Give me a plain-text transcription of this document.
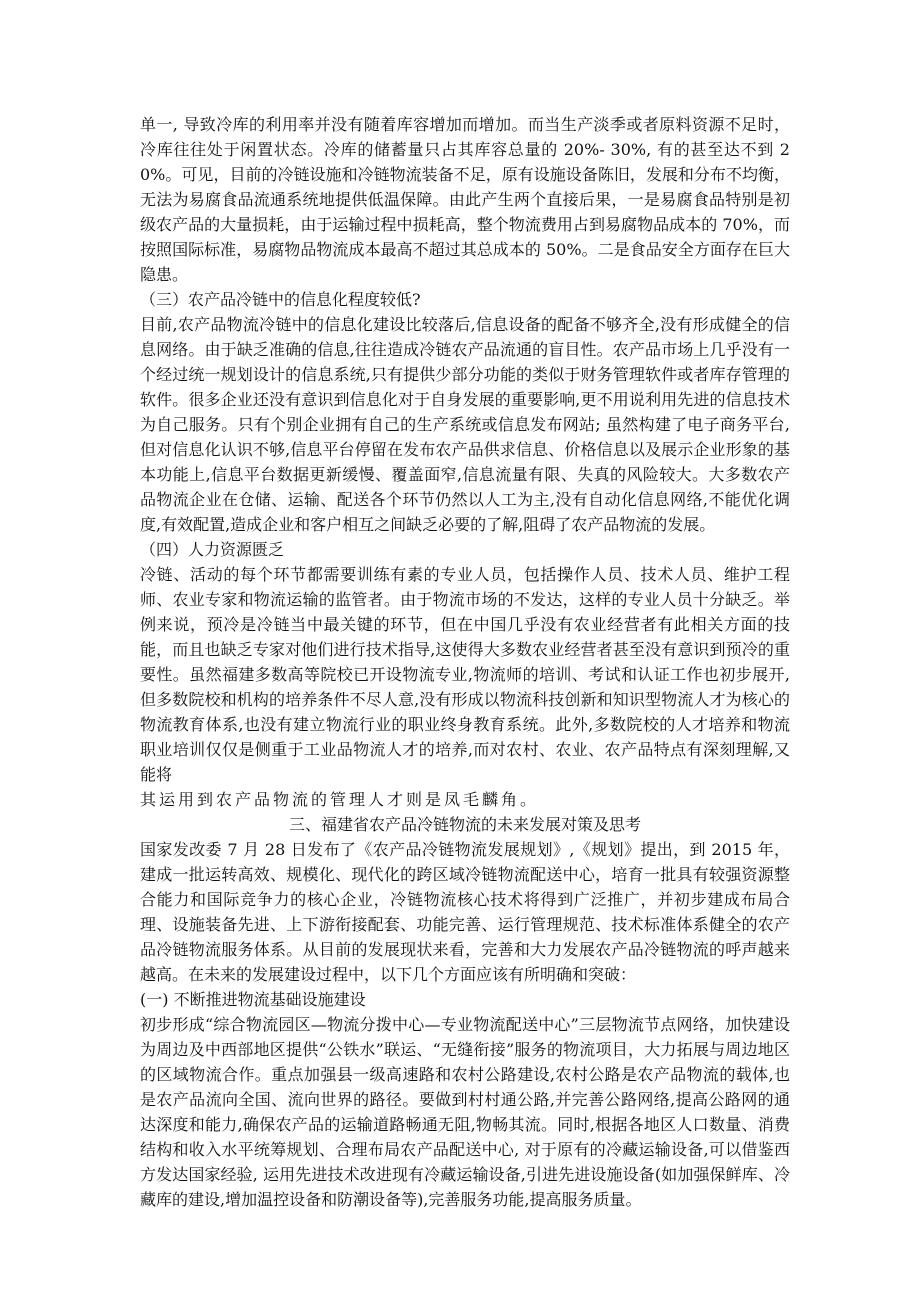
单一, 导致冷库的利用率并没有随着库容增加而增加。而当生产淡季或者原料资源不足时，冷库往往处于闲置状态。冷库的储蓄量只占其库容总量的 20%- 30%, 有的甚至达不到 20%。可见，目前的冷链设施和冷链物流装备不足，原有设施设备陈旧，发展和分布不均衡，无法为易腐食品流通系统地提供低温保障。由此产生两个直接后果，一是易腐食品特别是初级农产品的大量损耗，由于运输过程中损耗高，整个物流费用占到易腐物品成本的 70%，而按照国际标准，易腐物品物流成本最高不超过其总成本的 50%。二是食品安全方面存在巨大隐患。

（三）农产品冷链中的信息化程度较低?

目前,农产品物流冷链中的信息化建设比较落后,信息设备的配备不够齐全,没有形成健全的信息网络。由于缺乏准确的信息,往往造成冷链农产品流通的盲目性。农产品市场上几乎没有一个经过统一规划设计的信息系统,只有提供少部分功能的类似于财务管理软件或者库存管理的软件。很多企业还没有意识到信息化对于自身发展的重要影响,更不用说利用先进的信息技术为自己服务。只有个别企业拥有自己的生产系统或信息发布网站; 虽然构建了电子商务平台,但对信息化认识不够,信息平台停留在发布农产品供求信息、价格信息以及展示企业形象的基本功能上,信息平台数据更新缓慢、覆盖面窄,信息流量有限、失真的风险较大。大多数农产品物流企业在仓储、运输、配送各个环节仍然以人工为主,没有自动化信息网络,不能优化调度,有效配置,造成企业和客户相互之间缺乏必要的了解,阻碍了农产品物流的发展。

（四）人力资源匮乏

冷链、活动的每个环节都需要训练有素的专业人员，包括操作人员、技术人员、维护工程师、农业专家和物流运输的监管者。由于物流市场的不发达，这样的专业人员十分缺乏。举例来说，预冷是冷链当中最关键的环节，但在中国几乎没有农业经营者有此相关方面的技能，而且也缺乏专家对他们进行技术指导,这使得大多数农业经营者甚至没有意识到预冷的重要性。虽然福建多数高等院校已开设物流专业,物流师的培训、考试和认证工作也初步展开,但多数院校和机构的培养条件不尽人意,没有形成以物流科技创新和知识型物流人才为核心的物流教育体系,也没有建立物流行业的职业终身教育系统。此外,多数院校的人才培养和物流职业培训仅仅是侧重于工业品物流人才的培养,而对农村、农业、农产品特点有深刻理解,又能将

其运用到农产品物流的管理人才则是凤毛麟角。

三、福建省农产品冷链物流的未来发展对策及思考

国家发改委 7 月 28 日发布了《农产品冷链物流发展规划》,《规划》提出，到 2015 年，建成一批运转高效、规模化、现代化的跨区域冷链物流配送中心，培育一批具有较强资源整合能力和国际竞争力的核心企业，冷链物流核心技术将得到广泛推广，并初步建成布局合理、设施装备先进、上下游衔接配套、功能完善、运行管理规范、技术标准体系健全的农产品冷链物流服务体系。从目前的发展现状来看，完善和大力发展农产品冷链物流的呼声越来越高。在未来的发展建设过程中，以下几个方面应该有所明确和突破：

(一) 不断推进物流基础设施建设

初步形成“综合物流园区—物流分拨中心—专业物流配送中心”三层物流节点网络，加快建设为周边及中西部地区提供“公铁水”联运、“无缝衔接”服务的物流项目，大力拓展与周边地区的区域物流合作。重点加强县一级高速路和农村公路建设,农村公路是农产品物流的载体,也是农产品流向全国、流向世界的路径。要做到村村通公路,并完善公路网络,提高公路网的通达深度和能力,确保农产品的运输道路畅通无阻,物畅其流。同时,根据各地区人口数量、消费结构和收入水平统筹规划、合理布局农产品配送中心, 对于原有的冷藏运输设备,可以借鉴西方发达国家经验, 运用先进技术改进现有冷藏运输设备,引进先进设施设备(如加强保鲜库、冷藏库的建设,增加温控设备和防潮设备等),完善服务功能,提高服务质量。
